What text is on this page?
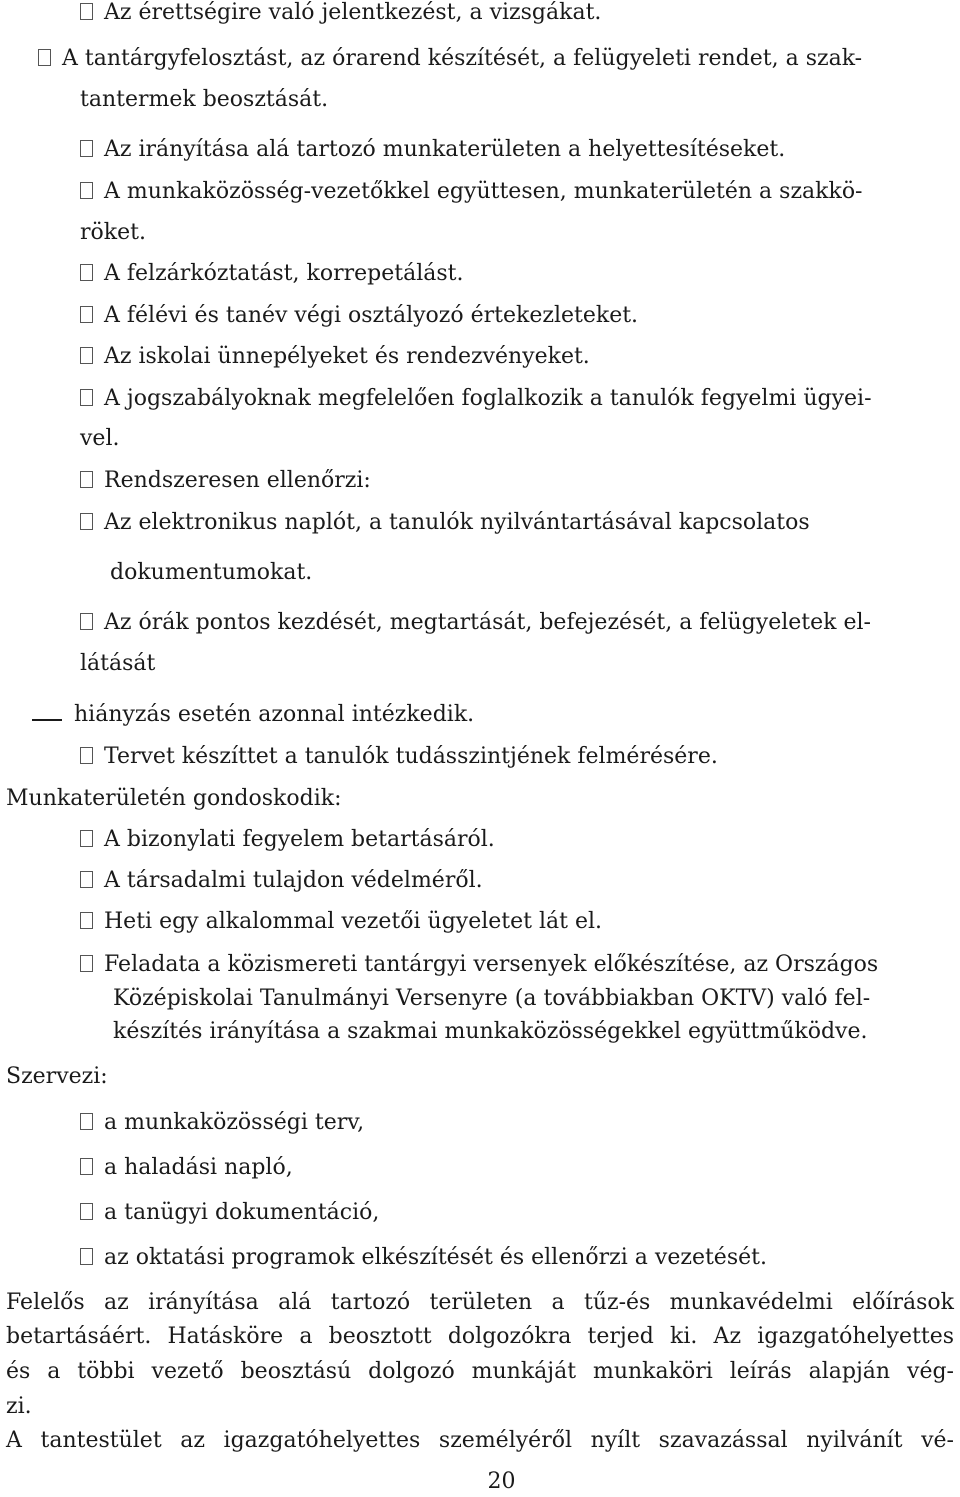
Az érettségire való jelentkezést, a vizsgákat.
A tantárgyfelosztást, az órarend készítését, a felügyeleti rendet, a szak-
tantermek beosztását.
Az irányítása alá tartozó munkaterületen a helyettesítéseket.
A munkaközösség-vezetőkkel együttesen, munkaterületén a szakkö-
röket.
A felzárkóztatást, korrepetálást.
A félévi és tanév végi osztályozó értekezleteket.
Az iskolai ünnepélyeket és rendezvényeket.
A jogszabályoknak megfelelően foglalkozik a tanulók fegyelmi ügyei-
vel.
Rendszeresen ellenőrzi:
Az elektronikus naplót, a tanulók nyilvántartásával kapcsolatos
dokumentumokat.
Az órák pontos kezdését, megtartását, befejezését, a felügyeletek el-
látását
hiányzás esetén azonnal intézkedik.
Tervet készíttet a tanulók tudásszintjének felmérésére.
Munkaterületén gondoskodik:
A bizonylati fegyelem betartásáról.
A társadalmi tulajdon védelméről.
Heti egy alkalommal vezetői ügyeletet lát el.
Feladata a közismereti tantárgyi versenyek előkészítése, az Országos
Középiskolai Tanulmányi Versenyre (a továbbiakban OKTV) való fel-
készítés irányítása a szakmai munkaközösségekkel együttműködve.
Szervezi:
a munkaközösségi terv,
a haladási napló,
a tanügyi dokumentáció,
az oktatási programok elkészítését és ellenőrzi a vezetését.
Felelős az irányítása alá tartozó területen a tűz-és munkavédelmi előírások
betartásáért. Hatásköre a beosztott dolgozókra terjed ki. Az igazgatóhelyettes
és a többi vezető beosztású dolgozó munkáját munkaköri leírás alapján vég-
zi.
A tantestület az igazgatóhelyettes személyéről nyílt szavazással nyilvánít vé-
20
